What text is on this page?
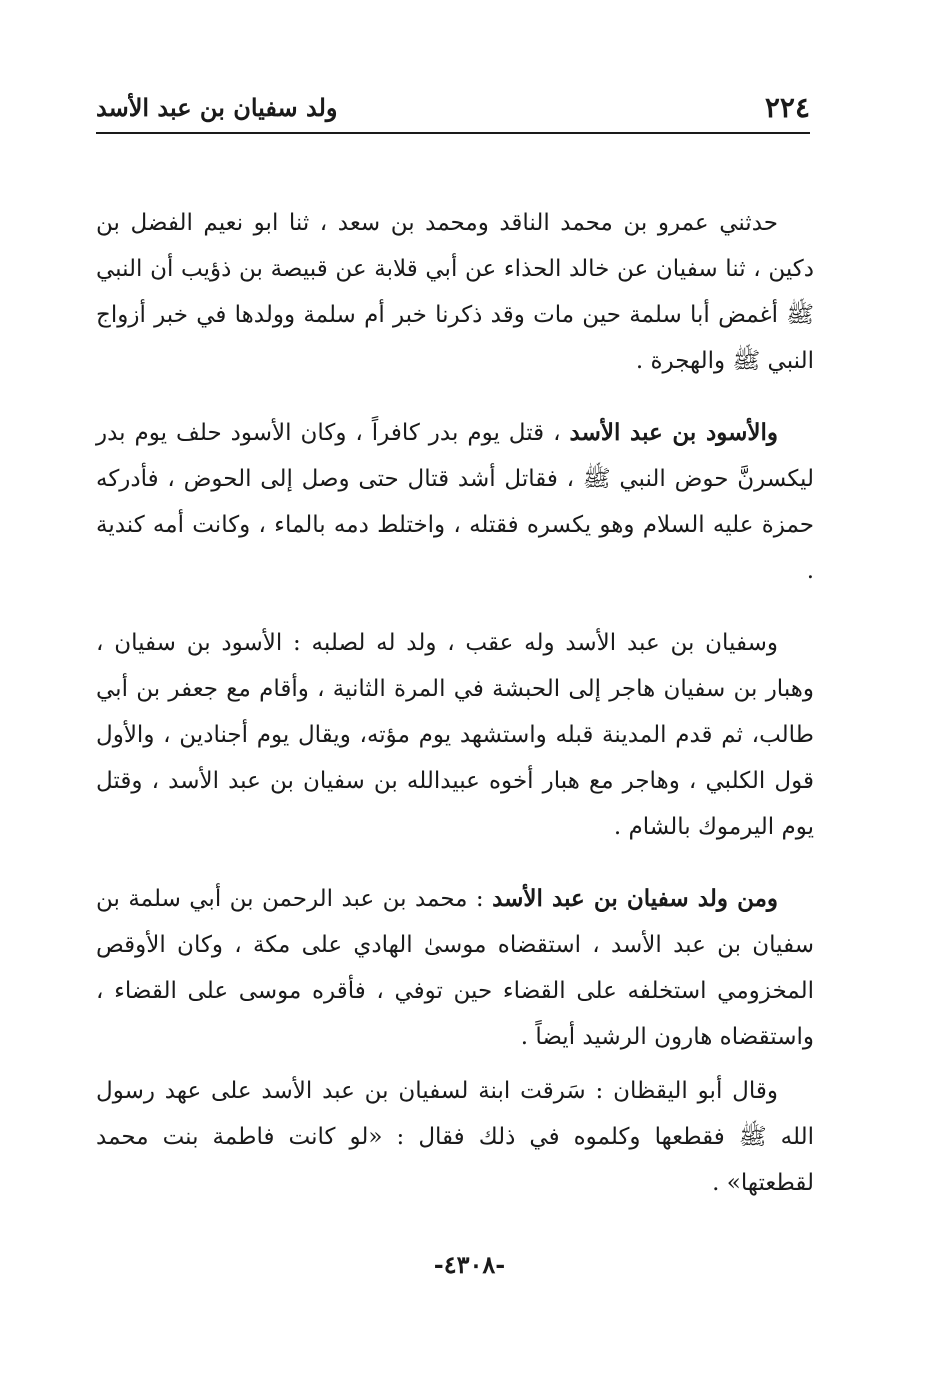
٢٢٤
ولد سفيان بن عبد الأسد

حدثني عمرو بن محمد الناقد ومحمد بن سعد ، ثنا ابو نعيم الفضل بن دكين ، ثنا سفيان عن خالد الحذاء عن أبي قلابة عن قبيصة بن ذؤيب أن النبي ﷺ أغمض أبا سلمة حين مات وقد ذكرنا خبر أم سلمة وولدها في خبر أزواج النبي ﷺ والهجرة .

والأسود بن عبد الأسد ، قتل يوم بدر كافراً ، وكان الأسود حلف يوم بدر ليكسرنَّ حوض النبي ﷺ ، فقاتل أشد قتال حتى وصل إلى الحوض ، فأدركه حمزة عليه السلام وهو يكسره فقتله ، واختلط دمه بالماء ، وكانت أمه كندية .

وسفيان بن عبد الأسد وله عقب ، ولد له لصلبه : الأسود بن سفيان ، وهبار بن سفيان هاجر إلى الحبشة في المرة الثانية ، وأقام مع جعفر بن أبي طالب، ثم قدم المدينة قبله واستشهد يوم مؤته، ويقال يوم أجنادين ، والأول قول الكلبي ، وهاجر مع هبار أخوه عبيدالله بن سفيان بن عبد الأسد ، وقتل يوم اليرموك بالشام .

ومن ولد سفيان بن عبد الأسد : محمد بن عبد الرحمن بن أبي سلمة بن سفيان بن عبد الأسد ، استقضاه موسىٰ الهادي على مكة ، وكان الأوقص المخزومي استخلفه على القضاء حين توفي ، فأقره موسى على القضاء ، واستقضاه هارون الرشيد أيضاً .

وقال أبو اليقظان : سَرقت ابنة لسفيان بن عبد الأسد على عهد رسول الله ﷺ فقطعها وكلموه في ذلك فقال : «لو كانت فاطمة بنت محمد لقطعتها» .

-٤٣٠٨-
